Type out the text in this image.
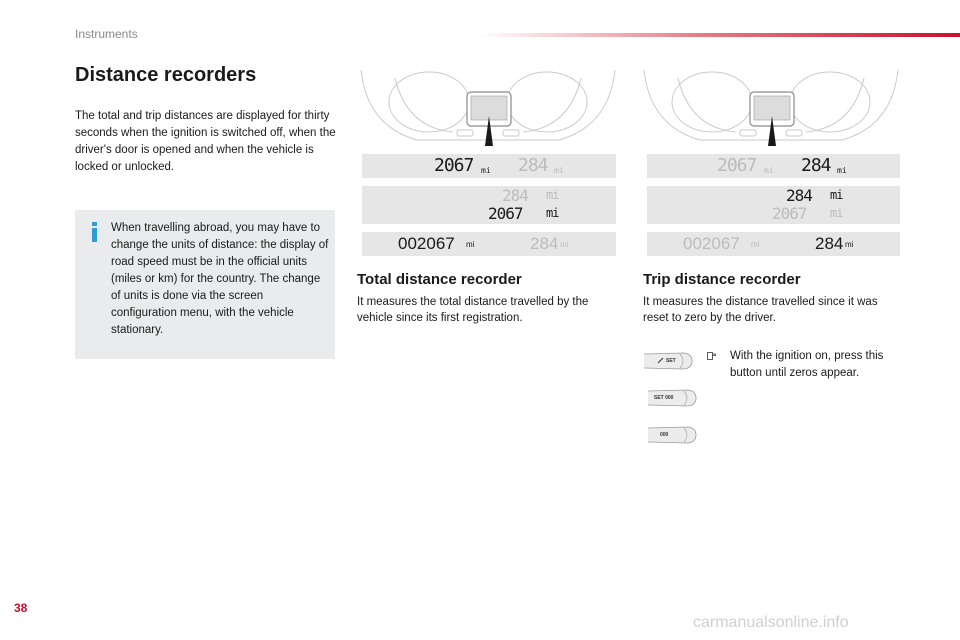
Instruments
Distance recorders
The total and trip distances are displayed for thirty seconds when the ignition is switched off, when the driver's door is opened and when the vehicle is locked or unlocked.
When travelling abroad, you may have to change the units of distance: the display of road speed must be in the official units (miles or km) for the country. The change of units is done via the screen configuration menu, with the vehicle stationary.
2067 mi 284 mi
284 mi
2067 mi
002067 mi	284 mi
2067 mi 284 mi
284 mi
2067 mi
002067 mi	284 mi
Total distance recorder
It measures the total distance travelled by the vehicle since its first registration.
Trip distance recorder
It measures the distance travelled since it was reset to zero by the driver.
SET
SET 000
000
With the ignition on, press this button until zeros appear.
38
carmanualsonline.info
